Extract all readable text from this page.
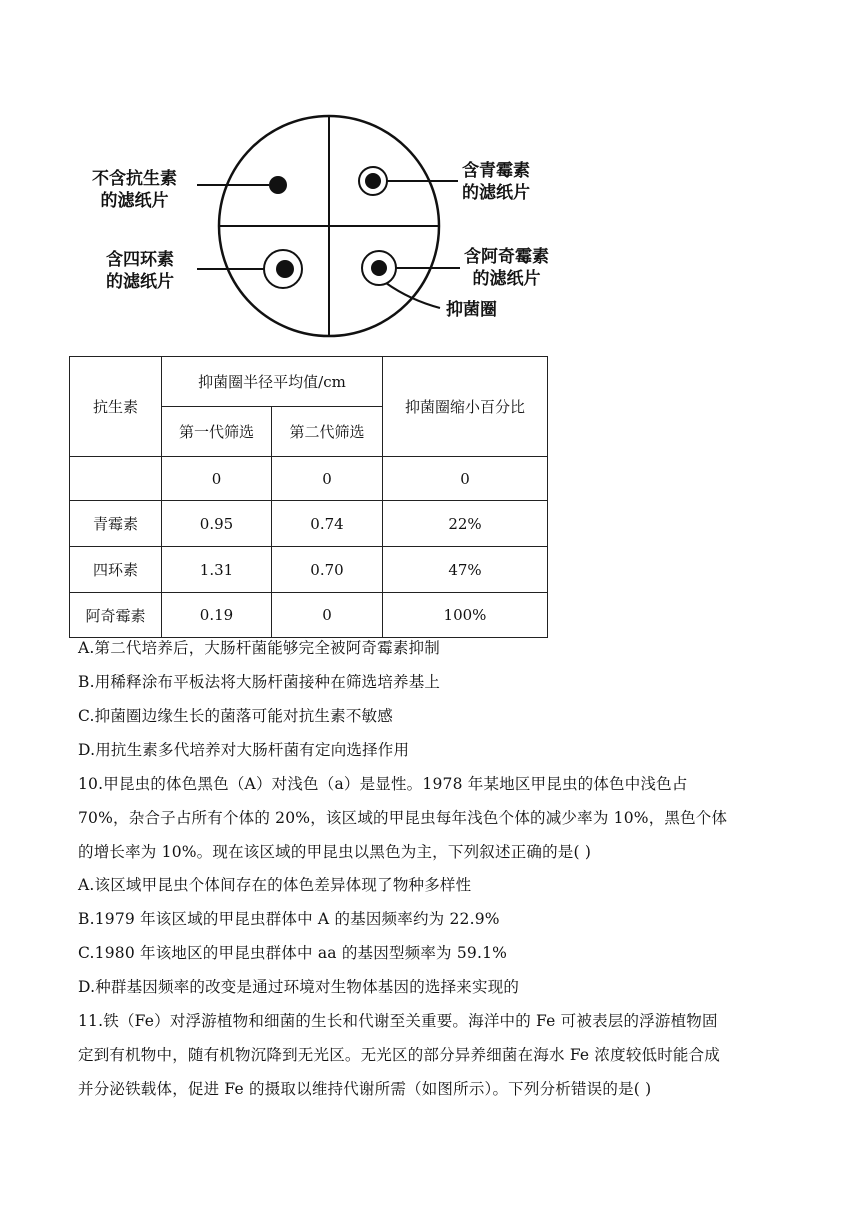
不含抗生素
的滤纸片
含青霉素
的滤纸片
含四环素
的滤纸片
含阿奇霉素
的滤纸片
抑菌圈
抗生素	抑菌圈半径平均值/cm		抑菌圈缩小百分比
	第一代筛选	第二代筛选	
	0	0	0
青霉素	0.95	0.74	22%
四环素	1.31	0.70	47%
阿奇霉素	0.19	0	100%
A.第二代培养后，大肠杆菌能够完全被阿奇霉素抑制
B.用稀释涂布平板法将大肠杆菌接种在筛选培养基上
C.抑菌圈边缘生长的菌落可能对抗生素不敏感
D.用抗生素多代培养对大肠杆菌有定向选择作用
10.甲昆虫的体色黑色（A）对浅色（a）是显性。1978 年某地区甲昆虫的体色中浅色占
70%，杂合子占所有个体的 20%，该区域的甲昆虫每年浅色个体的减少率为 10%，黑色个体
的增长率为 10%。现在该区域的甲昆虫以黑色为主，下列叙述正确的是( )
A.该区域甲昆虫个体间存在的体色差异体现了物种多样性
B.1979 年该区域的甲昆虫群体中 A 的基因频率约为 22.9%
C.1980 年该地区的甲昆虫群体中 aa 的基因型频率为 59.1%
D.种群基因频率的改变是通过环境对生物体基因的选择来实现的
11.铁（Fe）对浮游植物和细菌的生长和代谢至关重要。海洋中的 Fe 可被表层的浮游植物固
定到有机物中，随有机物沉降到无光区。无光区的部分异养细菌在海水 Fe 浓度较低时能合成
并分泌铁载体，促进 Fe 的摄取以维持代谢所需（如图所示）。下列分析错误的是( )
